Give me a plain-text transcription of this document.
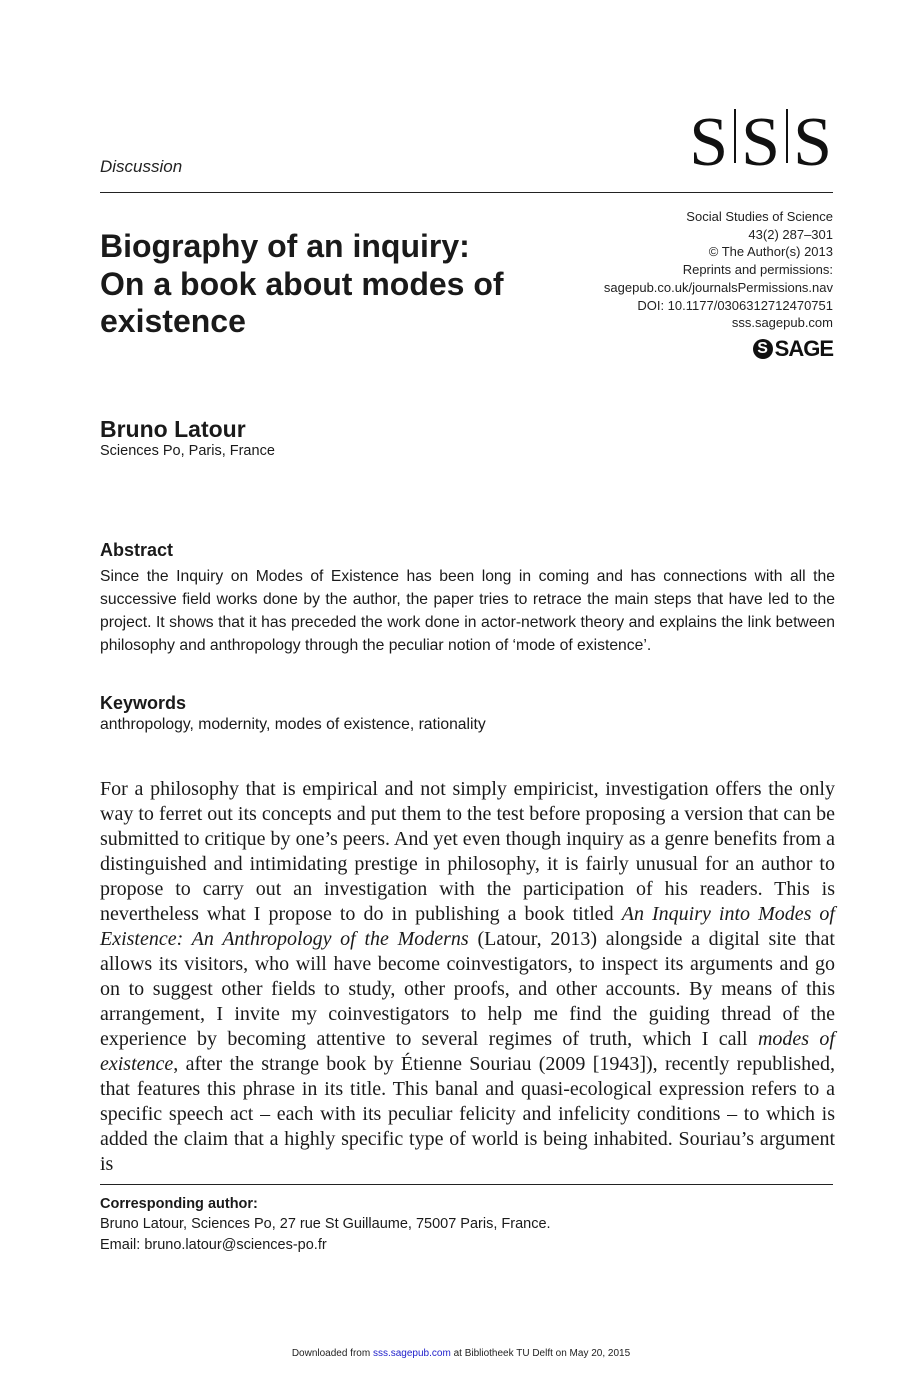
Discussion	S S S
Social Studies of Science
43(2) 287–301
© The Author(s) 2013
Reprints and permissions:
sagepub.co.uk/journalsPermissions.nav
DOI: 10.1177/0306312712470751
sss.sagepub.com
S SAGE
Biography of an inquiry:
On a book about modes of
existence
Bruno Latour
Sciences Po, Paris, France
Abstract
Since the Inquiry on Modes of Existence has been long in coming and has connections with all the successive field works done by the author, the paper tries to retrace the main steps that have led to the project. It shows that it has preceded the work done in actor-network theory and explains the link between philosophy and anthropology through the peculiar notion of ‘mode of existence’.
Keywords
anthropology, modernity, modes of existence, rationality

For a philosophy that is empirical and not simply empiricist, investigation offers the only way to ferret out its concepts and put them to the test before proposing a version that can be submitted to critique by one’s peers. And yet even though inquiry as a genre benefits from a distinguished and intimidating prestige in philosophy, it is fairly unusual for an author to propose to carry out an investigation with the participation of his readers. This is nevertheless what I propose to do in publishing a book titled An Inquiry into Modes of Existence: An Anthropology of the Moderns (Latour, 2013) alongside a digital site that allows its visitors, who will have become coinvestigators, to inspect its arguments and go on to suggest other fields to study, other proofs, and other accounts. By means of this arrangement, I invite my coinvestigators to help me find the guiding thread of the experience by becoming attentive to several regimes of truth, which I call modes of existence, after the strange book by Étienne Souriau (2009 [1943]), recently republished, that features this phrase in its title. This banal and quasi-ecological expression refers to a specific speech act – each with its peculiar felicity and infelicity conditions – to which is added the claim that a highly specific type of world is being inhabited. Souriau’s argument is

Corresponding author:
Bruno Latour, Sciences Po, 27 rue St Guillaume, 75007 Paris, France.
Email: bruno.latour@sciences-po.fr
Downloaded from sss.sagepub.com at Bibliotheek TU Delft on May 20, 2015
